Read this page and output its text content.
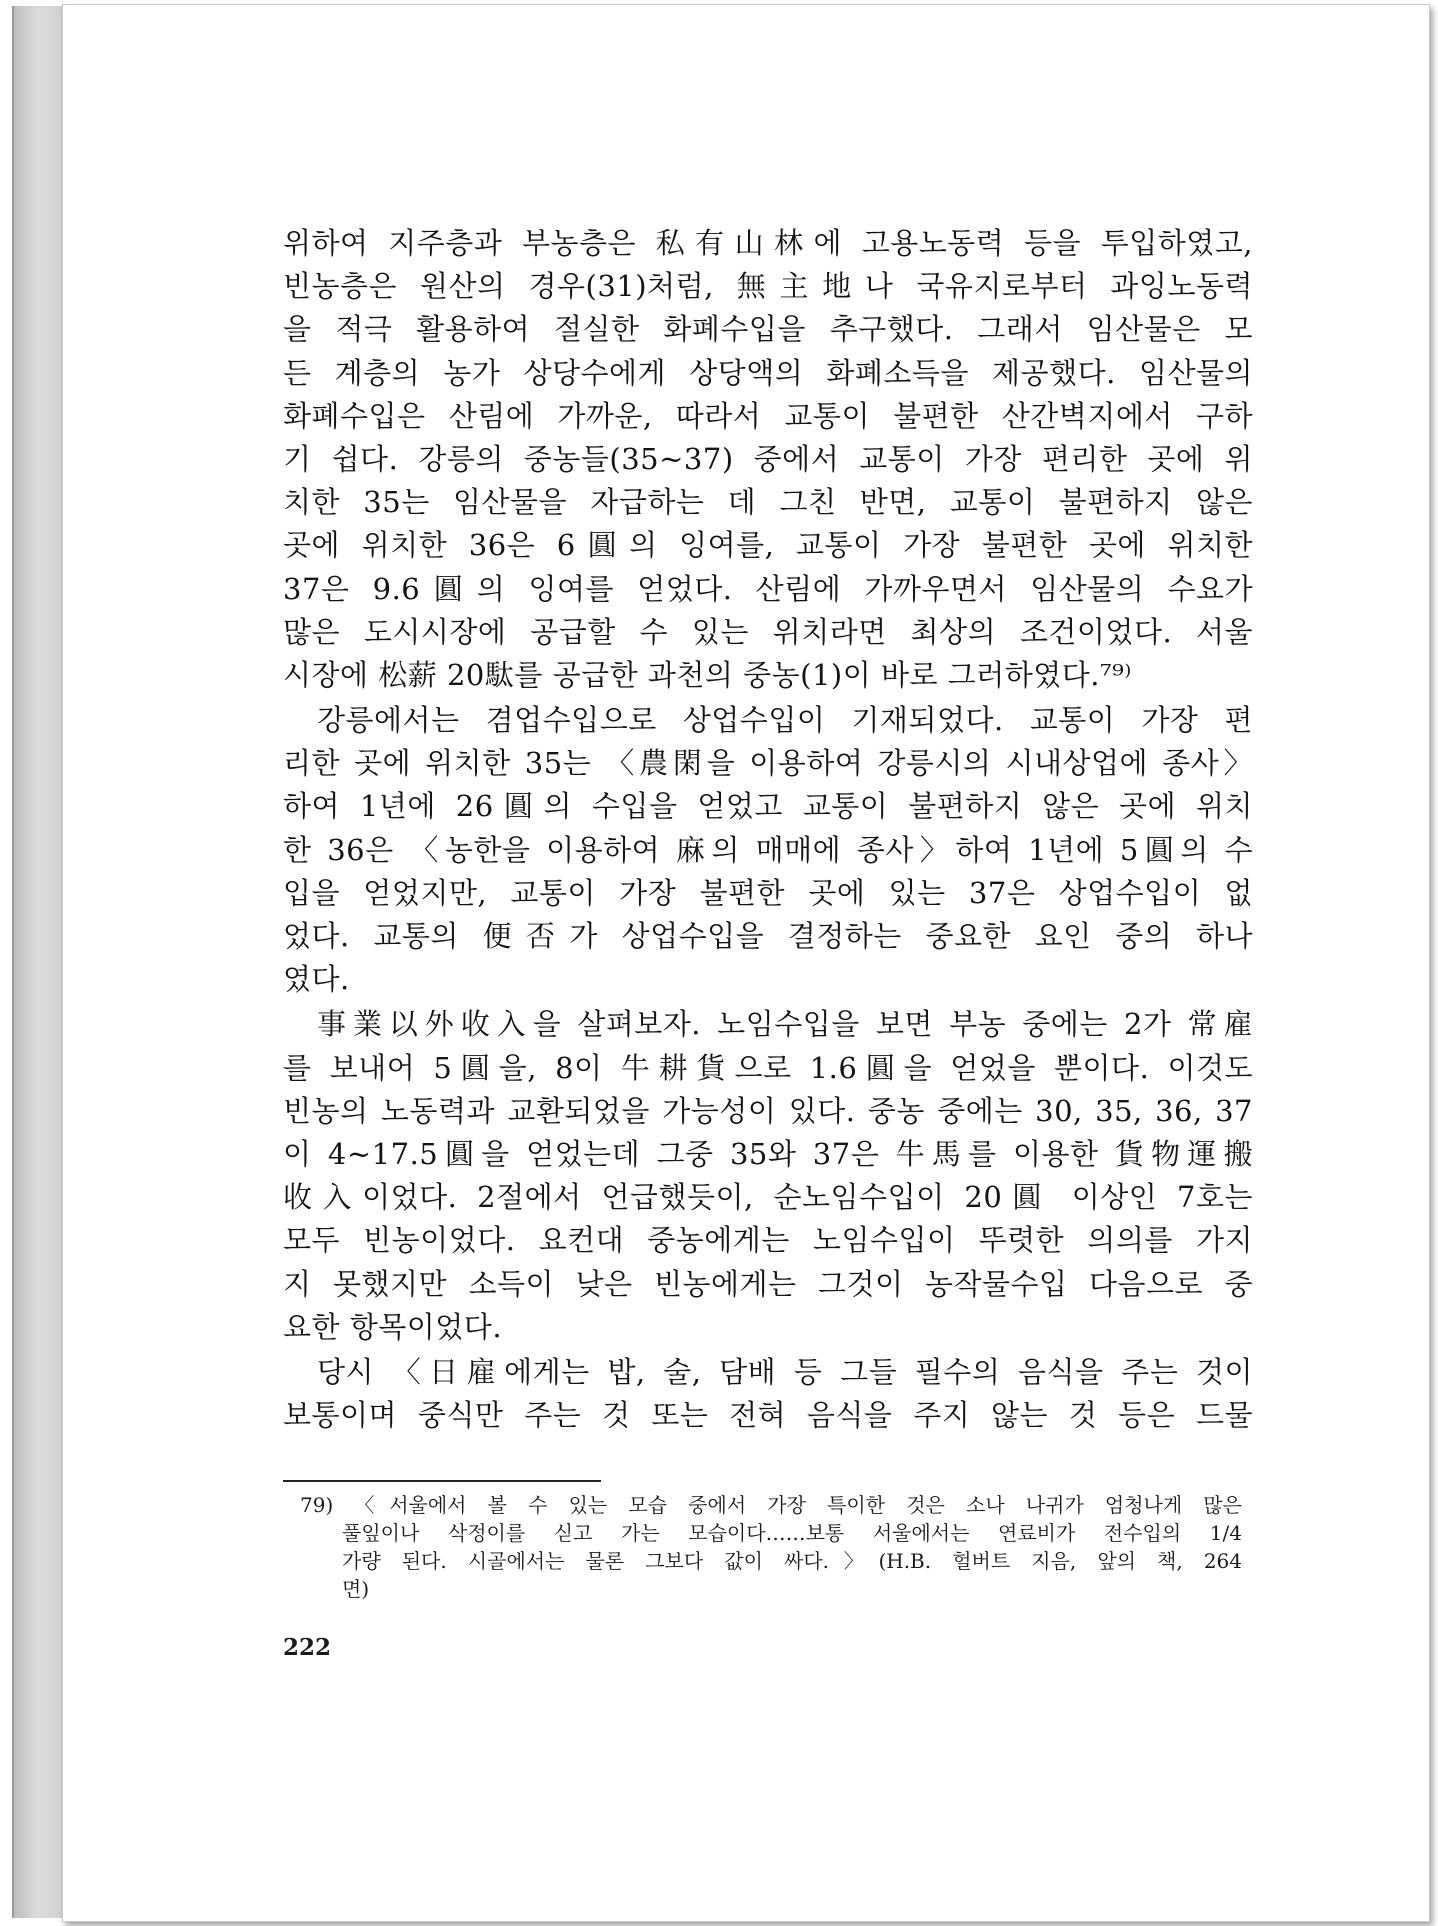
위하여 지주층과 부농층은 私有山林에 고용노동력 등을 투입하였고,
빈농층은 원산의 경우(31)처럼, 無主地나 국유지로부터 과잉노동력
을 적극 활용하여 절실한 화폐수입을 추구했다. 그래서 임산물은 모
든 계층의 농가 상당수에게 상당액의 화폐소득을 제공했다. 임산물의
화폐수입은 산림에 가까운, 따라서 교통이 불편한 산간벽지에서 구하
기 쉽다. 강릉의 중농들(35~37) 중에서 교통이 가장 편리한 곳에 위
치한 35는 임산물을 자급하는 데 그친 반면, 교통이 불편하지 않은
곳에 위치한 36은 6圓의 잉여를, 교통이 가장 불편한 곳에 위치한
37은 9.6圓의 잉여를 얻었다. 산림에 가까우면서 임산물의 수요가
많은 도시시장에 공급할 수 있는 위치라면 최상의 조건이었다. 서울
시장에 松薪 20駄를 공급한 과천의 중농(1)이 바로 그러하였다.⁷⁹⁾
강릉에서는 겸업수입으로 상업수입이 기재되었다. 교통이 가장 편
리한 곳에 위치한 35는 〈農閑을 이용하여 강릉시의 시내상업에 종사〉
하여 1년에 26圓의 수입을 얻었고 교통이 불편하지 않은 곳에 위치
한 36은 〈농한을 이용하여 麻의 매매에 종사〉하여 1년에 5圓의 수
입을 얻었지만, 교통이 가장 불편한 곳에 있는 37은 상업수입이 없
었다. 교통의 便否가 상업수입을 결정하는 중요한 요인 중의 하나
였다.
事業以外收入을 살펴보자. 노임수입을 보면 부농 중에는 2가 常雇
를 보내어 5圓을, 8이 牛耕貨으로 1.6圓을 얻었을 뿐이다. 이것도
빈농의 노동력과 교환되었을 가능성이 있다. 중농 중에는 30, 35, 36, 37
이 4~17.5圓을 얻었는데 그중 35와 37은 牛馬를 이용한 貨物運搬
收入이었다. 2절에서 언급했듯이, 순노임수입이 20圓 이상인 7호는
모두 빈농이었다. 요컨대 중농에게는 노임수입이 뚜렷한 의의를 가지
지 못했지만 소득이 낮은 빈농에게는 그것이 농작물수입 다음으로 중
요한 항목이었다.
당시 〈日雇에게는 밥, 술, 담배 등 그들 필수의 음식을 주는 것이
보통이며 중식만 주는 것 또는 전혀 음식을 주지 않는 것 등은 드물
79) 〈서울에서 볼 수 있는 모습 중에서 가장 특이한 것은 소나 나귀가 엄청나게 많은
풀잎이나 삭정이를 싣고 가는 모습이다……보통 서울에서는 연료비가 전수입의 1/4
가량 된다. 시골에서는 물론 그보다 값이 싸다.〉(H.B. 헐버트 지음, 앞의 책, 264
면)
222
